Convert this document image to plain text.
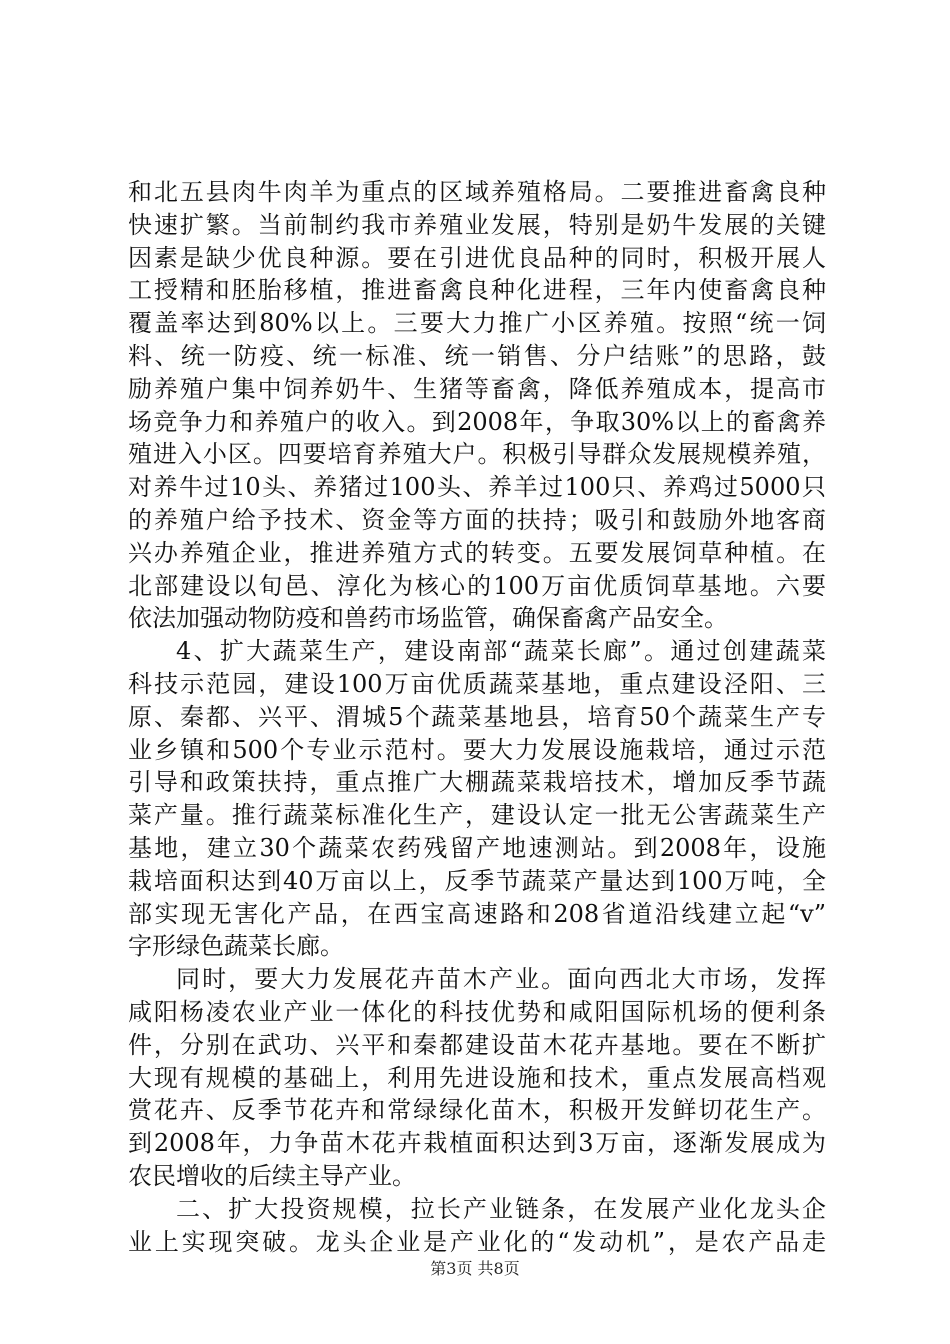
和北五县肉牛肉羊为重点的区域养殖格局。二要推进畜禽良种
快速扩繁。当前制约我市养殖业发展，特别是奶牛发展的关键
因素是缺少优良种源。要在引进优良品种的同时，积极开展人
工授精和胚胎移植，推进畜禽良种化进程，三年内使畜禽良种
覆盖率达到80%以上。三要大力推广小区养殖。按照“统一饲
料、统一防疫、统一标准、统一销售、分户结账”的思路，鼓
励养殖户集中饲养奶牛、生猪等畜禽，降低养殖成本，提高市
场竞争力和养殖户的收入。到2008年，争取30%以上的畜禽养
殖进入小区。四要培育养殖大户。积极引导群众发展规模养殖，
对养牛过10头、养猪过100头、养羊过100只、养鸡过5000只
的养殖户给予技术、资金等方面的扶持；吸引和鼓励外地客商
兴办养殖企业，推进养殖方式的转变。五要发展饲草种植。在
北部建设以旬邑、淳化为核心的100万亩优质饲草基地。六要
依法加强动物防疫和兽药市场监管，确保畜禽产品安全。
4、扩大蔬菜生产，建设南部“蔬菜长廊”。通过创建蔬菜
科技示范园，建设100万亩优质蔬菜基地，重点建设泾阳、三
原、秦都、兴平、渭城5个蔬菜基地县，培育50个蔬菜生产专
业乡镇和500个专业示范村。要大力发展设施栽培，通过示范
引导和政策扶持，重点推广大棚蔬菜栽培技术，增加反季节蔬
菜产量。推行蔬菜标准化生产，建设认定一批无公害蔬菜生产
基地，建立30个蔬菜农药残留产地速测站。到2008年，设施
栽培面积达到40万亩以上，反季节蔬菜产量达到100万吨，全
部实现无害化产品，在西宝高速路和208省道沿线建立起“v”
字形绿色蔬菜长廊。
同时，要大力发展花卉苗木产业。面向西北大市场，发挥
咸阳杨凌农业产业一体化的科技优势和咸阳国际机场的便利条
件，分别在武功、兴平和秦都建设苗木花卉基地。要在不断扩
大现有规模的基础上，利用先进设施和技术，重点发展高档观
赏花卉、反季节花卉和常绿绿化苗木，积极开发鲜切花生产。
到2008年，力争苗木花卉栽植面积达到3万亩，逐渐发展成为
农民增收的后续主导产业。
二、扩大投资规模，拉长产业链条，在发展产业化龙头企
业上实现突破。龙头企业是产业化的“发动机”，是农产品走
第3页 共8页
